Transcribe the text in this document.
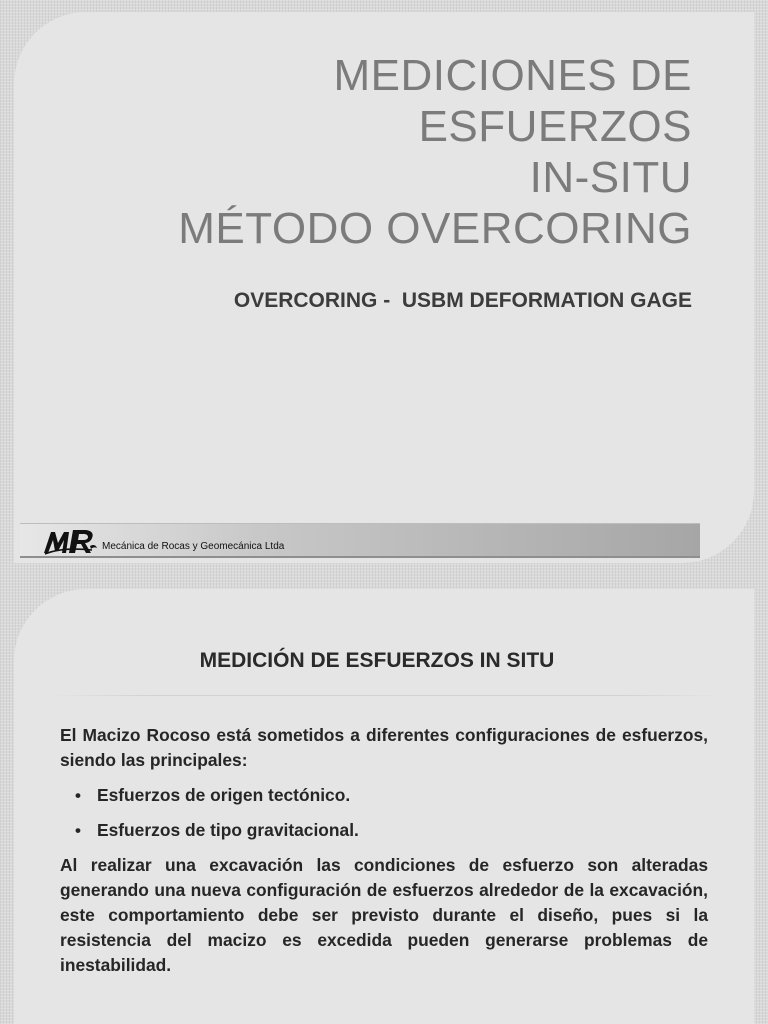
MEDICIONES DE
ESFUERZOS
IN-SITU
MÉTODO OVERCORING
OVERCORING -  USBM DEFORMATION GAGE
Mecánica de Rocas y Geomecánica Ltda
MEDICIÓN DE ESFUERZOS IN SITU

El Macizo Rocoso está sometidos a diferentes configuraciones de esfuerzos, siendo las principales:

• Esfuerzos de origen tectónico.
• Esfuerzos de tipo gravitacional.

Al realizar una excavación las condiciones de esfuerzo son alteradas generando una nueva configuración de esfuerzos alrededor de la excavación, este comportamiento debe ser previsto durante el diseño, pues si la resistencia del macizo es excedida pueden generarse problemas de inestabilidad.
